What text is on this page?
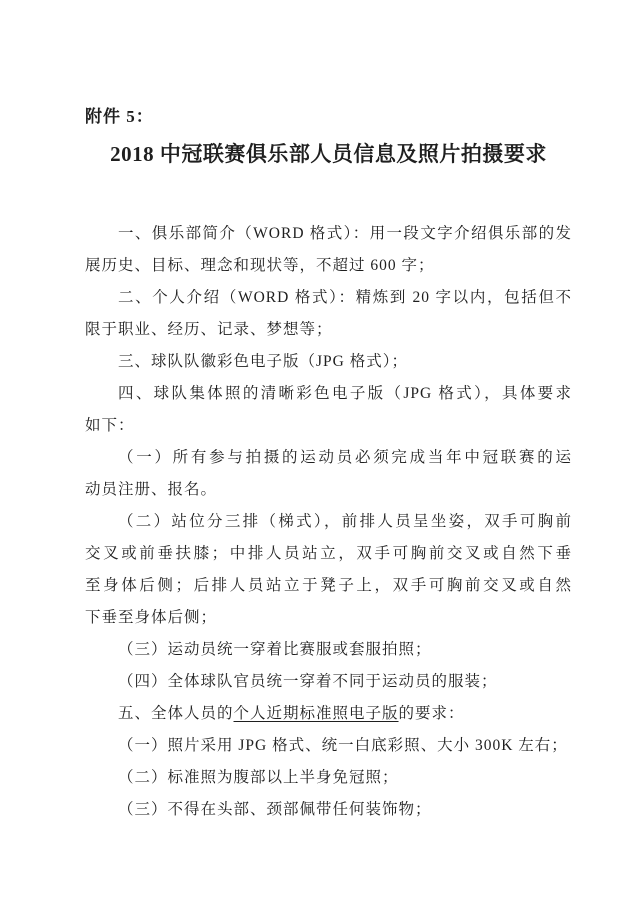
附件 5：
2018 中冠联赛俱乐部人员信息及照片拍摄要求
一、俱乐部简介（WORD 格式）：用一段文字介绍俱乐部的发
展历史、目标、理念和现状等，不超过 600 字；
二、个人介绍（WORD 格式）：精炼到 20 字以内，包括但不
限于职业、经历、记录、梦想等；
三、球队队徽彩色电子版（JPG 格式）；
四、球队集体照的清晰彩色电子版（JPG 格式），具体要求
如下：
（一）所有参与拍摄的运动员必须完成当年中冠联赛的运
动员注册、报名。
（二）站位分三排（梯式），前排人员呈坐姿，双手可胸前
交叉或前垂扶膝；中排人员站立，双手可胸前交叉或自然下垂
至身体后侧；后排人员站立于凳子上，双手可胸前交叉或自然
下垂至身体后侧；
（三）运动员统一穿着比赛服或套服拍照；
（四）全体球队官员统一穿着不同于运动员的服装；
五、全体人员的个人近期标准照电子版的要求：
（一）照片采用 JPG 格式、统一白底彩照、大小 300K 左右；
（二）标准照为腹部以上半身免冠照；
（三）不得在头部、颈部佩带任何装饰物；
